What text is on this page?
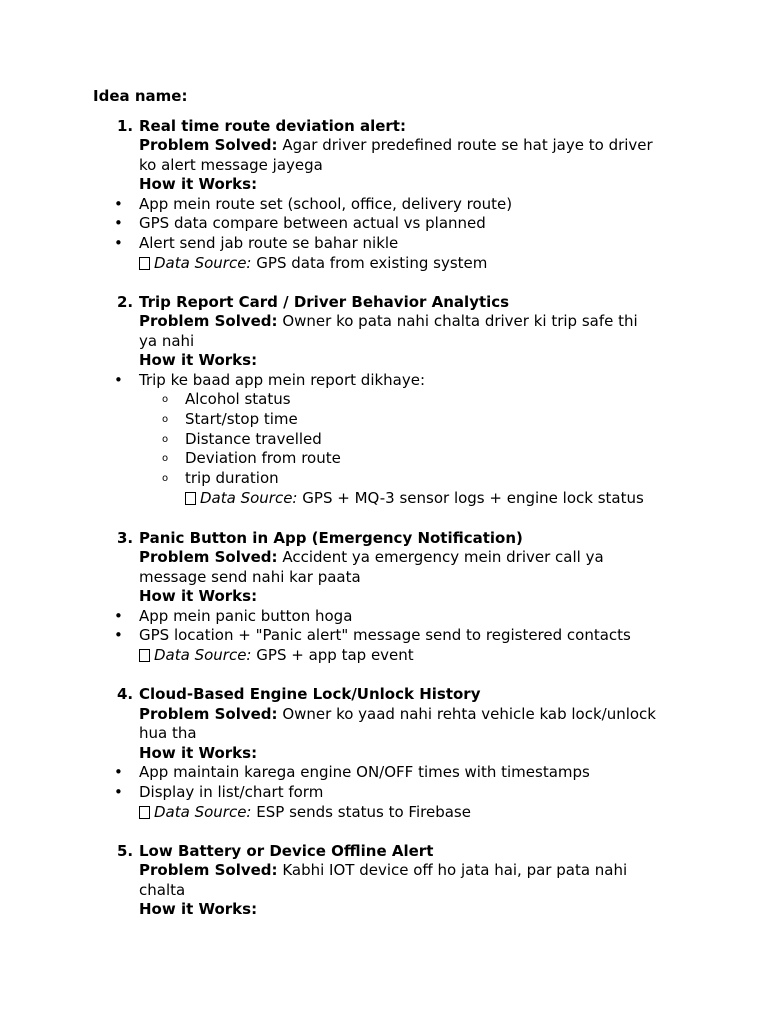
Idea name:
1. Real time route deviation alert:
Problem Solved: Agar driver predefined route se hat jaye to driver
ko alert message jayega
How it Works:
• App mein route set (school, office, delivery route)
• GPS data compare between actual vs planned
• Alert send jab route se bahar nikle
Data Source: GPS data from existing system
2. Trip Report Card / Driver Behavior Analytics
Problem Solved: Owner ko pata nahi chalta driver ki trip safe thi
ya nahi
How it Works:
• Trip ke baad app mein report dikhaye:
o Alcohol status
o Start/stop time
o Distance travelled
o Deviation from route
o trip duration
Data Source: GPS + MQ-3 sensor logs + engine lock status
3. Panic Button in App (Emergency Notification)
Problem Solved: Accident ya emergency mein driver call ya
message send nahi kar paata
How it Works:
• App mein panic button hoga
• GPS location + "Panic alert" message send to registered contacts
Data Source: GPS + app tap event
4. Cloud-Based Engine Lock/Unlock History
Problem Solved: Owner ko yaad nahi rehta vehicle kab lock/unlock
hua tha
How it Works:
• App maintain karega engine ON/OFF times with timestamps
• Display in list/chart form
Data Source: ESP sends status to Firebase
5. Low Battery or Device Offline Alert
Problem Solved: Kabhi IOT device off ho jata hai, par pata nahi
chalta
How it Works:
